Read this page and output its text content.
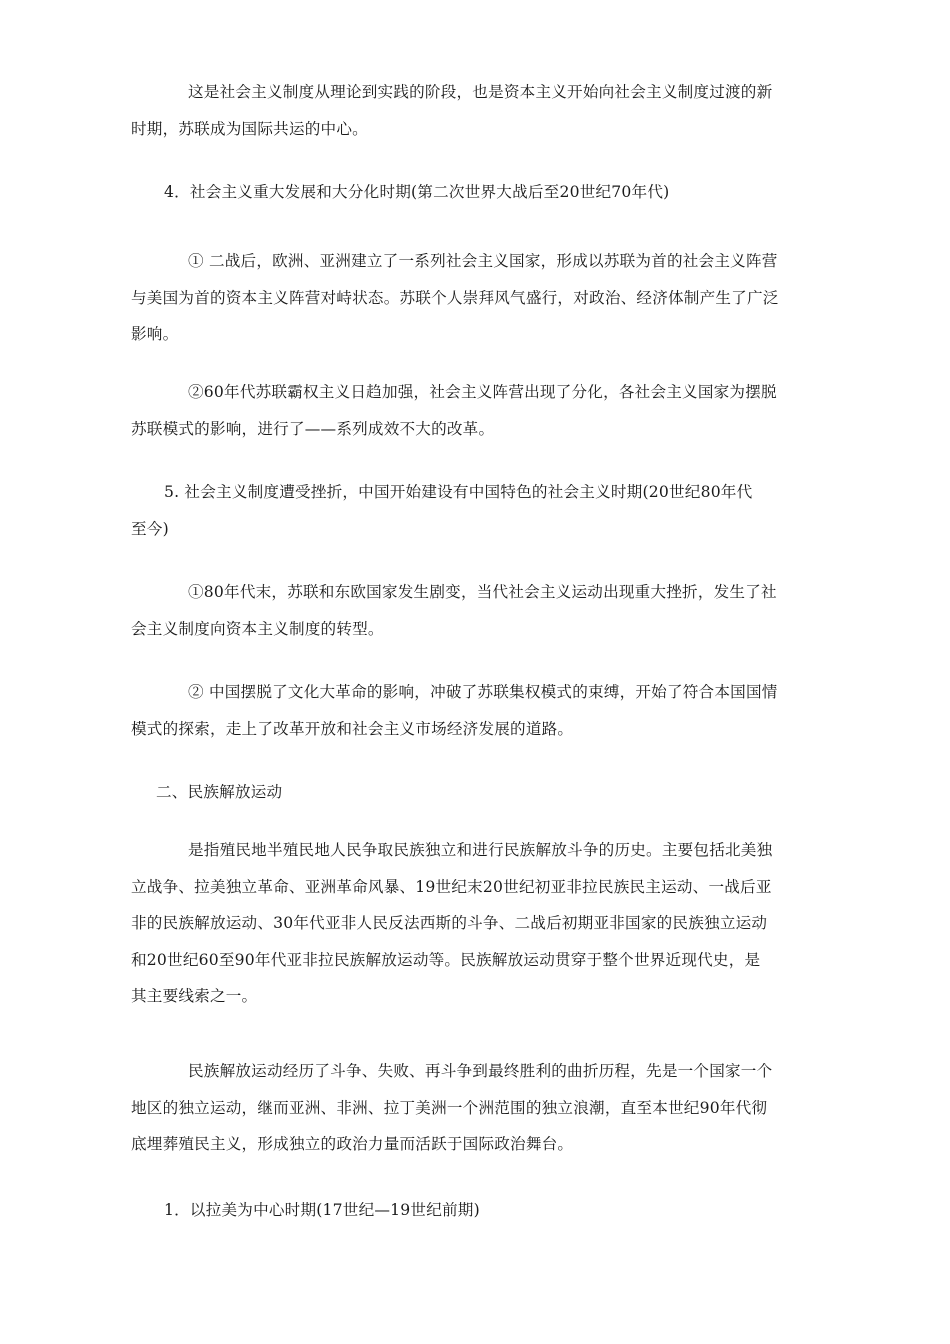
这是社会主义制度从理论到实践的阶段，也是资本主义开始向社会主义制度过渡的新
时期，苏联成为国际共运的中心。
4．社会主义重大发展和大分化时期(第二次世界大战后至20世纪70年代)
① 二战后，欧洲、亚洲建立了一系列社会主义国家，形成以苏联为首的社会主义阵营
与美国为首的资本主义阵营对峙状态。苏联个人崇拜风气盛行，对政治、经济体制产生了广泛
影响。
②60年代苏联霸权主义日趋加强，社会主义阵营出现了分化，各社会主义国家为摆脱
苏联模式的影响，进行了——系列成效不大的改革。
5. 社会主义制度遭受挫折，中国开始建设有中国特色的社会主义时期(20世纪80年代
至今)
①80年代末，苏联和东欧国家发生剧变，当代社会主义运动出现重大挫折，发生了社
会主义制度向资本主义制度的转型。
② 中国摆脱了文化大革命的影响，冲破了苏联集权模式的束缚，开始了符合本国国情
模式的探索，走上了改革开放和社会主义市场经济发展的道路。
二、民族解放运动
是指殖民地半殖民地人民争取民族独立和进行民族解放斗争的历史。主要包括北美独
立战争、拉美独立革命、亚洲革命风暴、19世纪末20世纪初亚非拉民族民主运动、一战后亚
非的民族解放运动、30年代亚非人民反法西斯的斗争、二战后初期亚非国家的民族独立运动
和20世纪60至90年代亚非拉民族解放运动等。民族解放运动贯穿于整个世界近现代史，是
其主要线索之一。
民族解放运动经历了斗争、失败、再斗争到最终胜利的曲折历程，先是一个国家一个
地区的独立运动，继而亚洲、非洲、拉丁美洲一个洲范围的独立浪潮，直至本世纪90年代彻
底埋葬殖民主义，形成独立的政治力量而活跃于国际政治舞台。
1．以拉美为中心时期(17世纪—19世纪前期)
